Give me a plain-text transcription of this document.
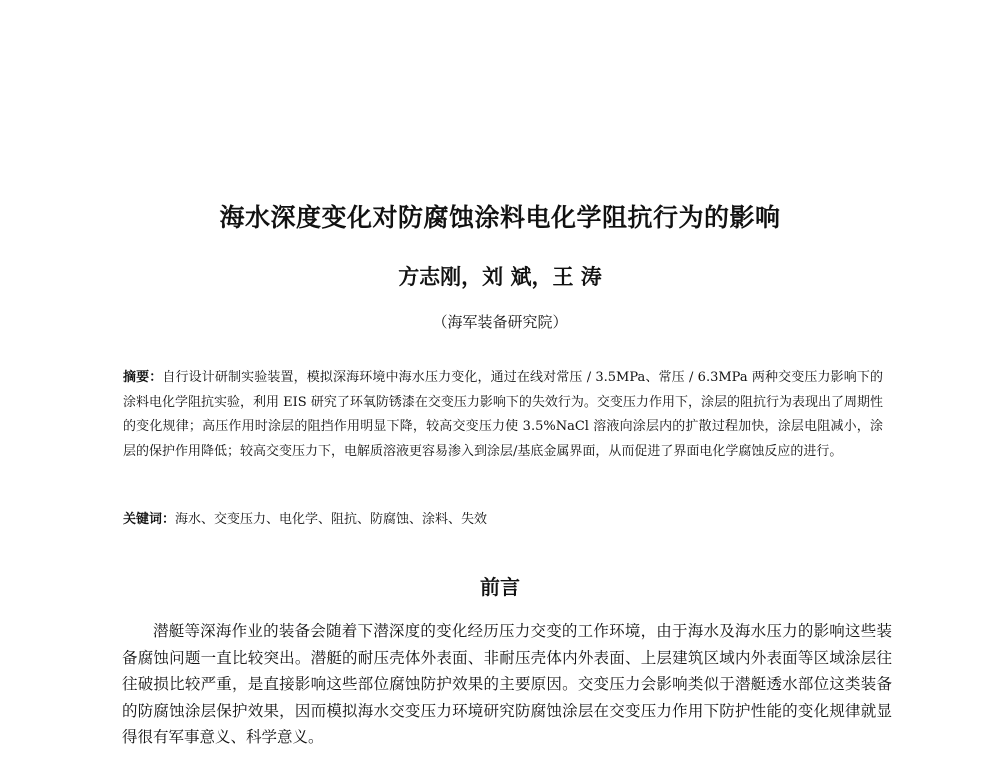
海水深度变化对防腐蚀涂料电化学阻抗行为的影响

方志刚，刘 斌，王 涛

（海军装备研究院）

摘要：自行设计研制实验装置，模拟深海环境中海水压力变化，通过在线对常压 / 3.5MPa、常压 / 6.3MPa 两种交变压力影响下的涂料电化学阻抗实验，利用 EIS 研究了环氧防锈漆在交变压力影响下的失效行为。交变压力作用下，涂层的阻抗行为表现出了周期性的变化规律；高压作用时涂层的阻挡作用明显下降，较高交变压力使 3.5%NaCl 溶液向涂层内的扩散过程加快，涂层电阻减小，涂层的保护作用降低；较高交变压力下，电解质溶液更容易渗入到涂层/基底金属界面，从而促进了界面电化学腐蚀反应的进行。

关键词：海水、交变压力、电化学、阻抗、防腐蚀、涂料、失效

前言

潜艇等深海作业的装备会随着下潜深度的变化经历压力交变的工作环境，由于海水及海水压力的影响这些装备腐蚀问题一直比较突出。潜艇的耐压壳体外表面、非耐压壳体内外表面、上层建筑区域内外表面等区域涂层往往破损比较严重，是直接影响这些部位腐蚀防护效果的主要原因。交变压力会影响类似于潜艇透水部位这类装备的防腐蚀涂层保护效果，因而模拟海水交变压力环境研究防腐蚀涂层在交变压力作用下防护性能的变化规律就显得很有军事意义、科学意义。
